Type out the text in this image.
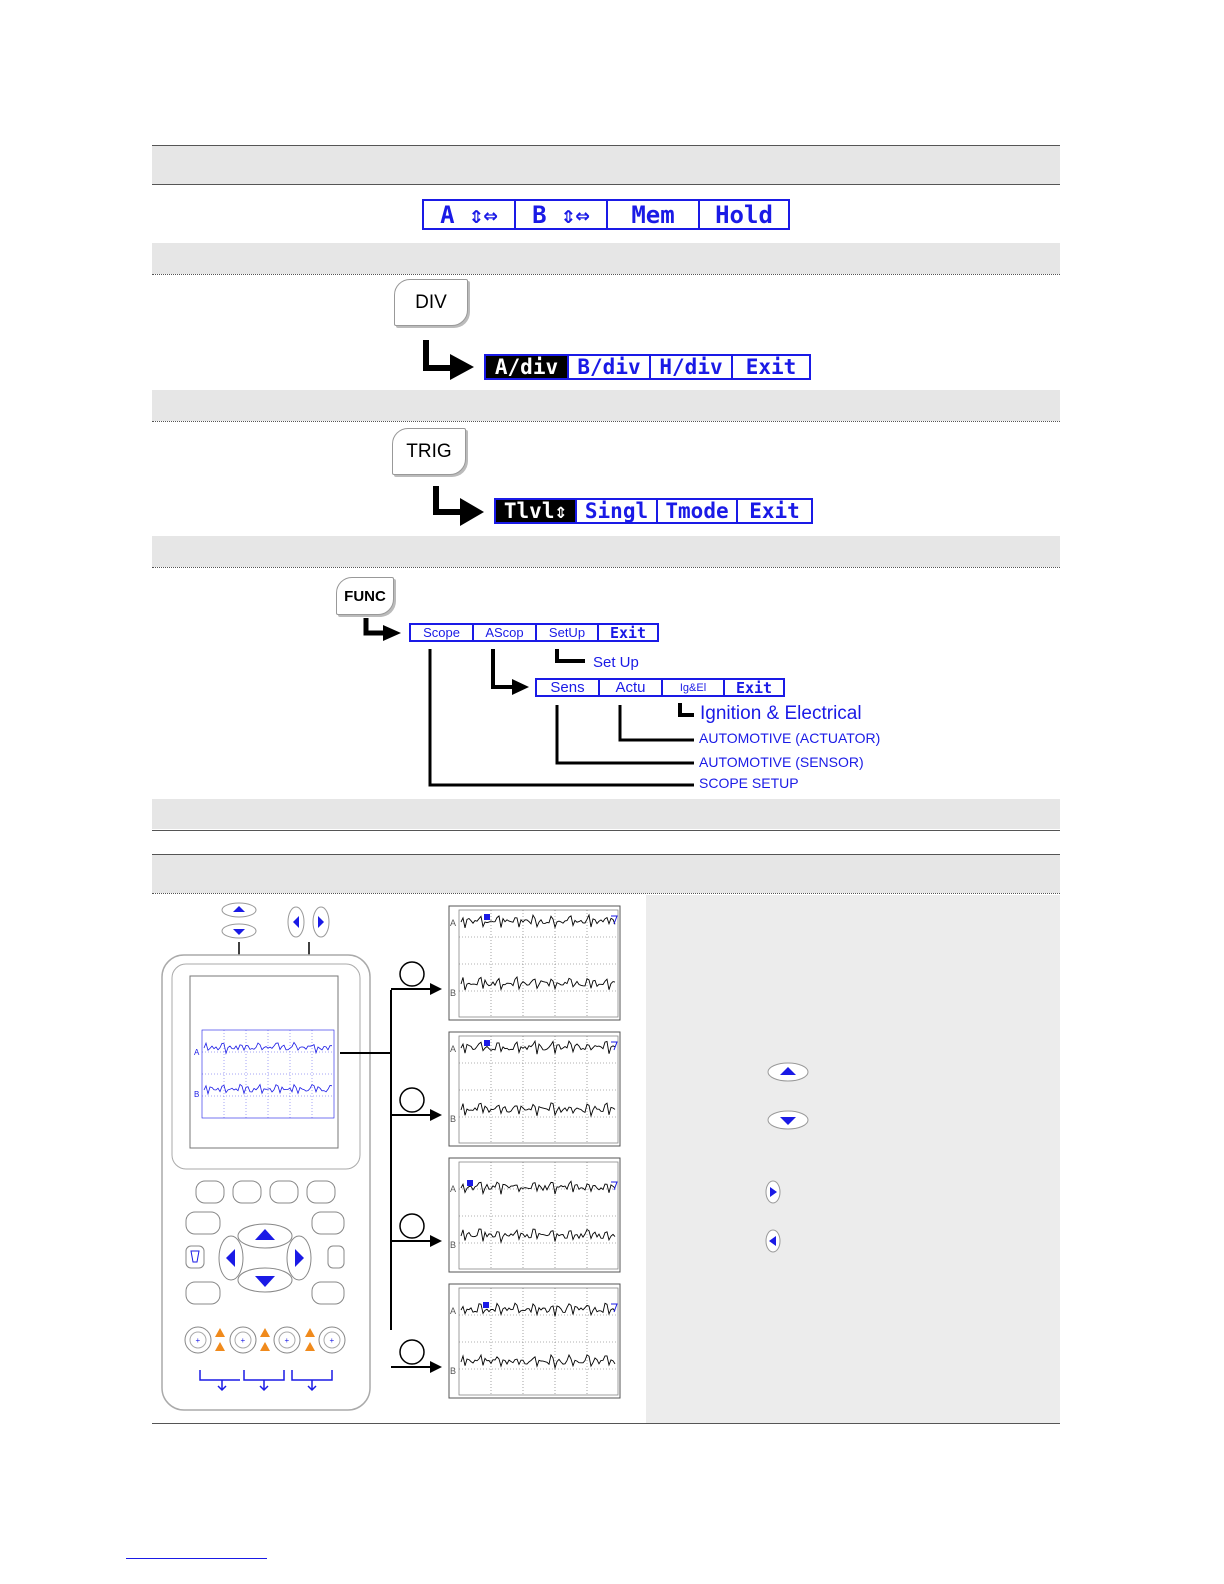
A ⇕⇔	B ⇕⇔	Mem	Hold
DIV
A/div B/div H/div	Exit
TRIG
Tlvl⇕ Singl Tmode Exit
FUNC
Scope	AScop	SetUp	Exit
Set Up
Sens	Actu	Ig&El	Exit
Ignition & Electrical
AUTOMOTIVE (ACTUATOR)
AUTOMOTIVE (SENSOR)
SCOPE SETUP
A
B
+	+	+	+
A
B
A
B
A
B
A
B
